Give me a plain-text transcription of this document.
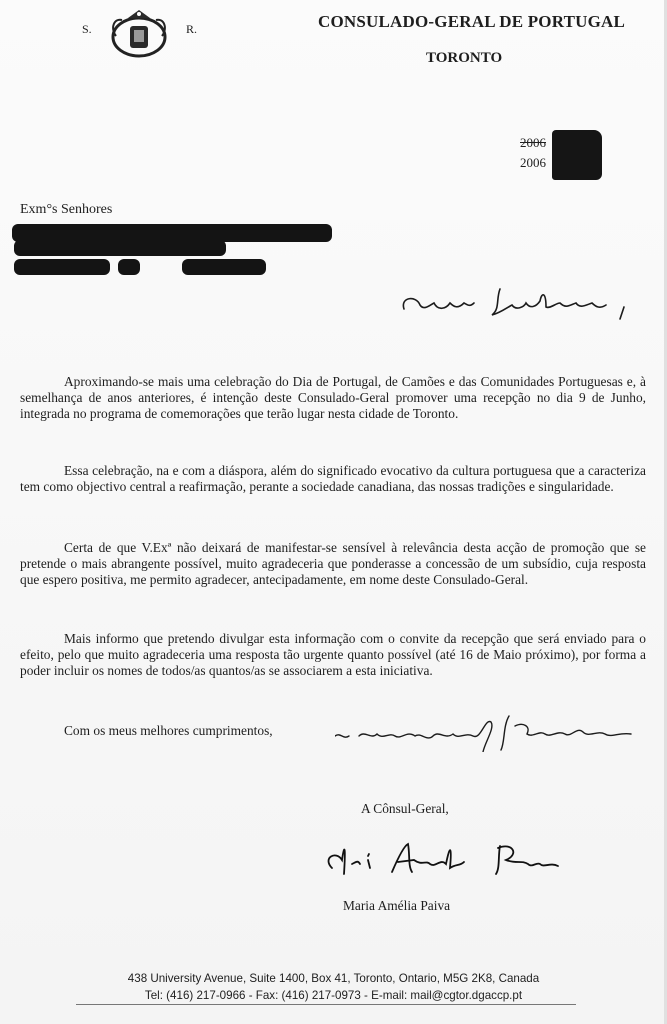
S.	R.	CONSULADO-GERAL DE PORTUGAL
TORONTO
2006
2006
Exm°s Senhores
Aproximando-se mais uma celebração do Dia de Portugal, de Camões e das Comunidades Portuguesas e, à semelhança de anos anteriores, é intenção deste Consulado-Geral promover uma recepção no dia 9 de Junho, integrada no programa de comemorações que terão lugar nesta cidade de Toronto.
Essa celebração, na e com a diáspora, além do significado evocativo da cultura portuguesa que a caracteriza tem como objectivo central a reafirmação, perante a sociedade canadiana, das nossas tradições e singularidade.
Certa de que V.Exª não deixará de manifestar-se sensível à relevância desta acção de promoção que se pretende o mais abrangente possível, muito agradeceria que ponderasse a concessão de um subsídio, cuja resposta que espero positiva, me permito agradecer, antecipadamente, em nome deste Consulado-Geral.
Mais informo que pretendo divulgar esta informação com o convite da recepção que será enviado para o efeito, pelo que muito agradeceria uma resposta tão urgente quanto possível (até 16 de Maio próximo), por forma a poder incluir os nomes de todos/as quantos/as se associarem a esta iniciativa.
Com os meus melhores cumprimentos,
A Cônsul-Geral,
Maria Amélia Paiva
438 University Avenue, Suite 1400, Box 41, Toronto, Ontario, M5G 2K8, Canada
Tel: (416) 217-0966 - Fax: (416) 217-0973 - E-mail: mail@cgtor.dgaccp.pt
